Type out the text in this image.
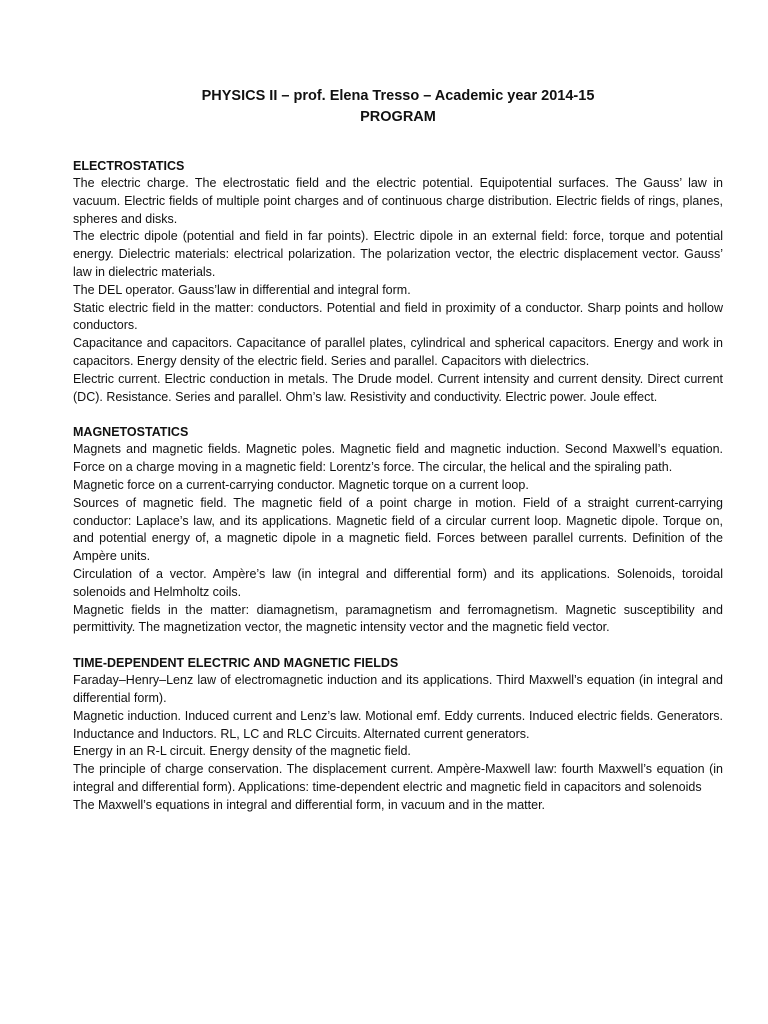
PHYSICS II – prof. Elena Tresso – Academic year 2014-15
PROGRAM
ELECTROSTATICS

The electric charge. The electrostatic field and the electric potential. Equipotential surfaces. The Gauss’ law in vacuum. Electric fields of multiple point charges and of continuous charge distribution. Electric fields of rings, planes, spheres and disks.

The electric dipole (potential and field in far points). Electric dipole in an external field: force, torque and potential energy. Dielectric materials: electrical polarization. The polarization vector, the electric displacement vector. Gauss’ law in dielectric materials.

The DEL operator. Gauss’law in differential and integral form.

Static electric field in the matter: conductors. Potential and field in proximity of a conductor. Sharp points and hollow conductors.

Capacitance and capacitors. Capacitance of parallel plates, cylindrical and spherical capacitors. Energy and work in capacitors. Energy density of the electric field. Series and parallel. Capacitors with dielectrics.

Electric current. Electric conduction in metals. The Drude model. Current intensity and current density. Direct current (DC). Resistance. Series and parallel. Ohm’s law. Resistivity and conductivity. Electric power. Joule effect.

MAGNETOSTATICS

Magnets and magnetic fields. Magnetic poles. Magnetic field and magnetic induction. Second Maxwell’s equation. Force on a charge moving in a magnetic field: Lorentz’s force. The circular, the helical and the spiraling path.

Magnetic force on a current-carrying conductor. Magnetic torque on a current loop.

Sources of magnetic field. The magnetic field of a point charge in motion. Field of a straight current-carrying conductor: Laplace’s law, and its applications. Magnetic field of a circular current loop. Magnetic dipole. Torque on, and potential energy of, a magnetic dipole in a magnetic field. Forces between parallel currents. Definition of the Ampère units.

Circulation of a vector. Ampère’s law (in integral and differential form) and its applications. Solenoids, toroidal solenoids and Helmholtz coils.

Magnetic fields in the matter: diamagnetism, paramagnetism and ferromagnetism. Magnetic susceptibility and permittivity. The magnetization vector, the magnetic intensity vector and the magnetic field vector.

TIME-DEPENDENT ELECTRIC AND MAGNETIC FIELDS

Faraday–Henry–Lenz law of electromagnetic induction and its applications. Third Maxwell’s equation (in integral and differential form).

Magnetic induction. Induced current and Lenz’s law. Motional emf. Eddy currents. Induced electric fields. Generators. Inductance and Inductors. RL, LC and RLC Circuits. Alternated current generators.

Energy in an R-L circuit. Energy density of the magnetic field.

The principle of charge conservation. The displacement current. Ampère-Maxwell law: fourth Maxwell’s equation (in integral and differential form). Applications: time-dependent electric and magnetic field in capacitors and solenoids

The Maxwell’s equations in integral and differential form, in vacuum and in the matter.
